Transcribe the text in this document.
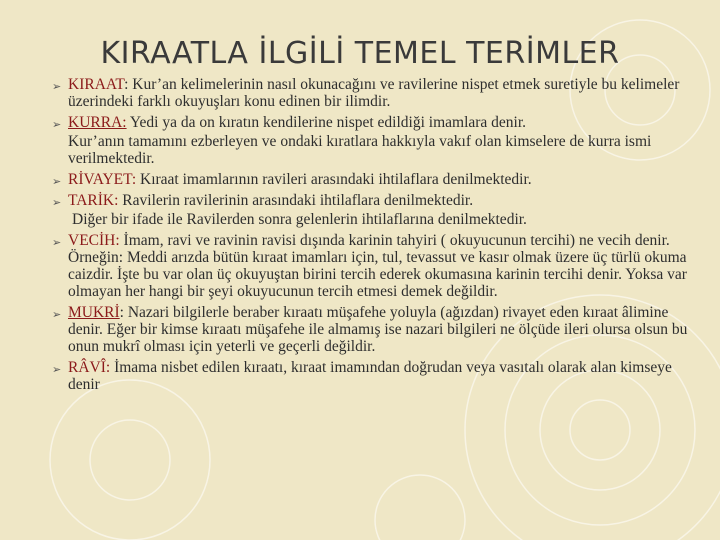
KIRAATLA İLGİLİ TEMEL TERİMLER
➢ KIRAAT: Kur’an kelimelerinin nasıl okunacağını ve ravilerine nispet etmek suretiyle bu kelimeler üzerindeki farklı okuyuşları konu edinen bir ilimdir.
➢ KURRA: Yedi ya da on kıratın kendilerine nispet edildiği imamlara denir.
Kur’anın tamamını ezberleyen ve ondaki kıratlara hakkıyla vakıf olan kimselere de kurra ismi verilmektedir.
➢ RİVAYET: Kıraat imamlarının ravileri arasındaki ihtilaflara denilmektedir.
➢ TARİK: Ravilerin ravilerinin arasındaki ihtilaflara denilmektedir.
Diğer bir ifade ile Ravilerden sonra gelenlerin ihtilaflarına denilmektedir.
➢ VECİH: İmam, ravi ve ravinin ravisi dışında karinin tahyiri ( okuyucunun tercihi) ne vecih denir. Örneğin: Meddi arızda bütün kıraat imamları için, tul, tevassut ve kasır olmak üzere üç türlü okuma caizdir. İşte bu var olan üç okuyuştan birini tercih ederek okumasına karinin tercihi denir. Yoksa var olmayan her hangi bir şeyi okuyucunun tercih etmesi demek değildir.
➢ MUKRİ: Nazari bilgilerle beraber kıraatı müşafehe yoluyla (ağızdan) rivayet eden kıraat âlimine denir. Eğer bir kimse kıraatı müşafehe ile almamış ise nazari bilgileri ne ölçüde ileri olursa olsun bu onun mukrî olması için yeterli ve geçerli değildir.
➢ RÂVÎ: İmama nisbet edilen kıraatı, kıraat imamından doğrudan veya vasıtalı olarak alan kimseye denir
